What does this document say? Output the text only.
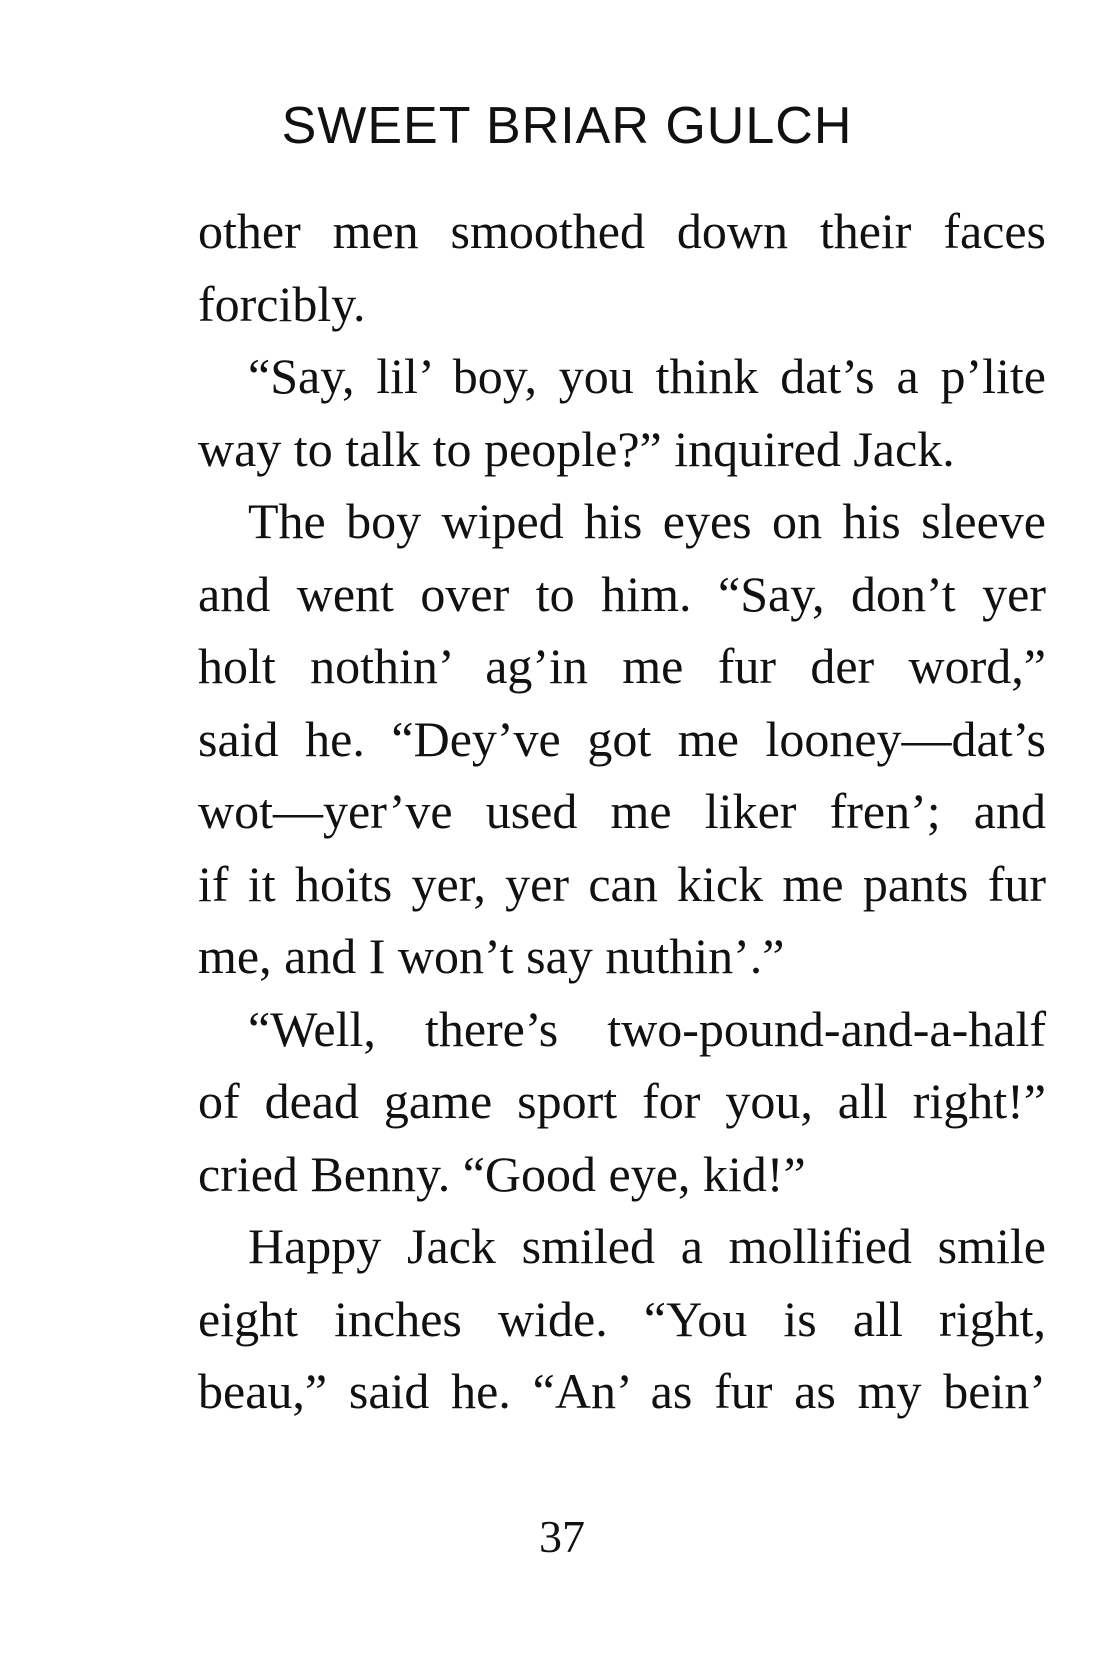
SWEET BRIAR GULCH
other men smoothed down their faces
forcibly.
“Say, lil’ boy, you think dat’s a p’lite
way to talk to people?” inquired Jack.
The boy wiped his eyes on his sleeve
and went over to him. “Say, don’t yer
holt nothin’ ag’in me fur der word,”
said he. “Dey’ve got me looney—dat’s
wot—yer’ve used me liker fren’; and
if it hoits yer, yer can kick me pants fur
me, and I won’t say nuthin’.”
“Well, there’s two-pound-and-a-half
of dead game sport for you, all right!”
cried Benny. “Good eye, kid!”
Happy Jack smiled a mollified smile
eight inches wide. “You is all right,
beau,” said he. “An’ as fur as my bein’
37
